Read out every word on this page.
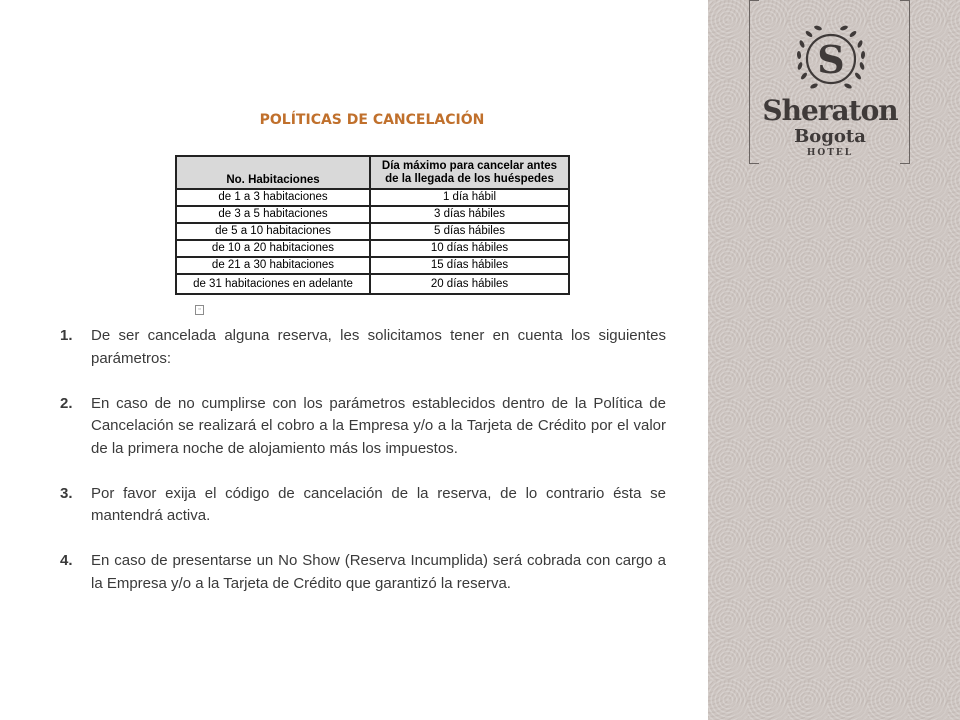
S
Sheraton
Bogota
HOTEL
POLÍTICAS DE CANCELACIÓN
No. Habitaciones	Día máximo para cancelar antes de la llegada de los huéspedes
de 1 a 3 habitaciones	1 día hábil
de 3 a 5 habitaciones	3 días hábiles
de 5 a 10 habitaciones	5 días hábiles
de 10 a 20 habitaciones	10 días hábiles
de 21 a 30 habitaciones	15 días hábiles
de 31 habitaciones en adelante	20 días hábiles
▫
1. De ser cancelada alguna reserva, les solicitamos tener en cuenta los siguientes parámetros:
2. En caso de no cumplirse con los parámetros establecidos dentro de la Política de Cancelación se realizará el cobro a la Empresa y/o a la Tarjeta de Crédito por el valor de la primera noche de alojamiento más los impuestos.
3. Por favor exija el código de cancelación de la reserva, de lo contrario ésta se mantendrá activa.
4. En caso de presentarse un No Show (Reserva Incumplida) será cobrada con cargo a la Empresa y/o a la Tarjeta de Crédito que garantizó la reserva.
